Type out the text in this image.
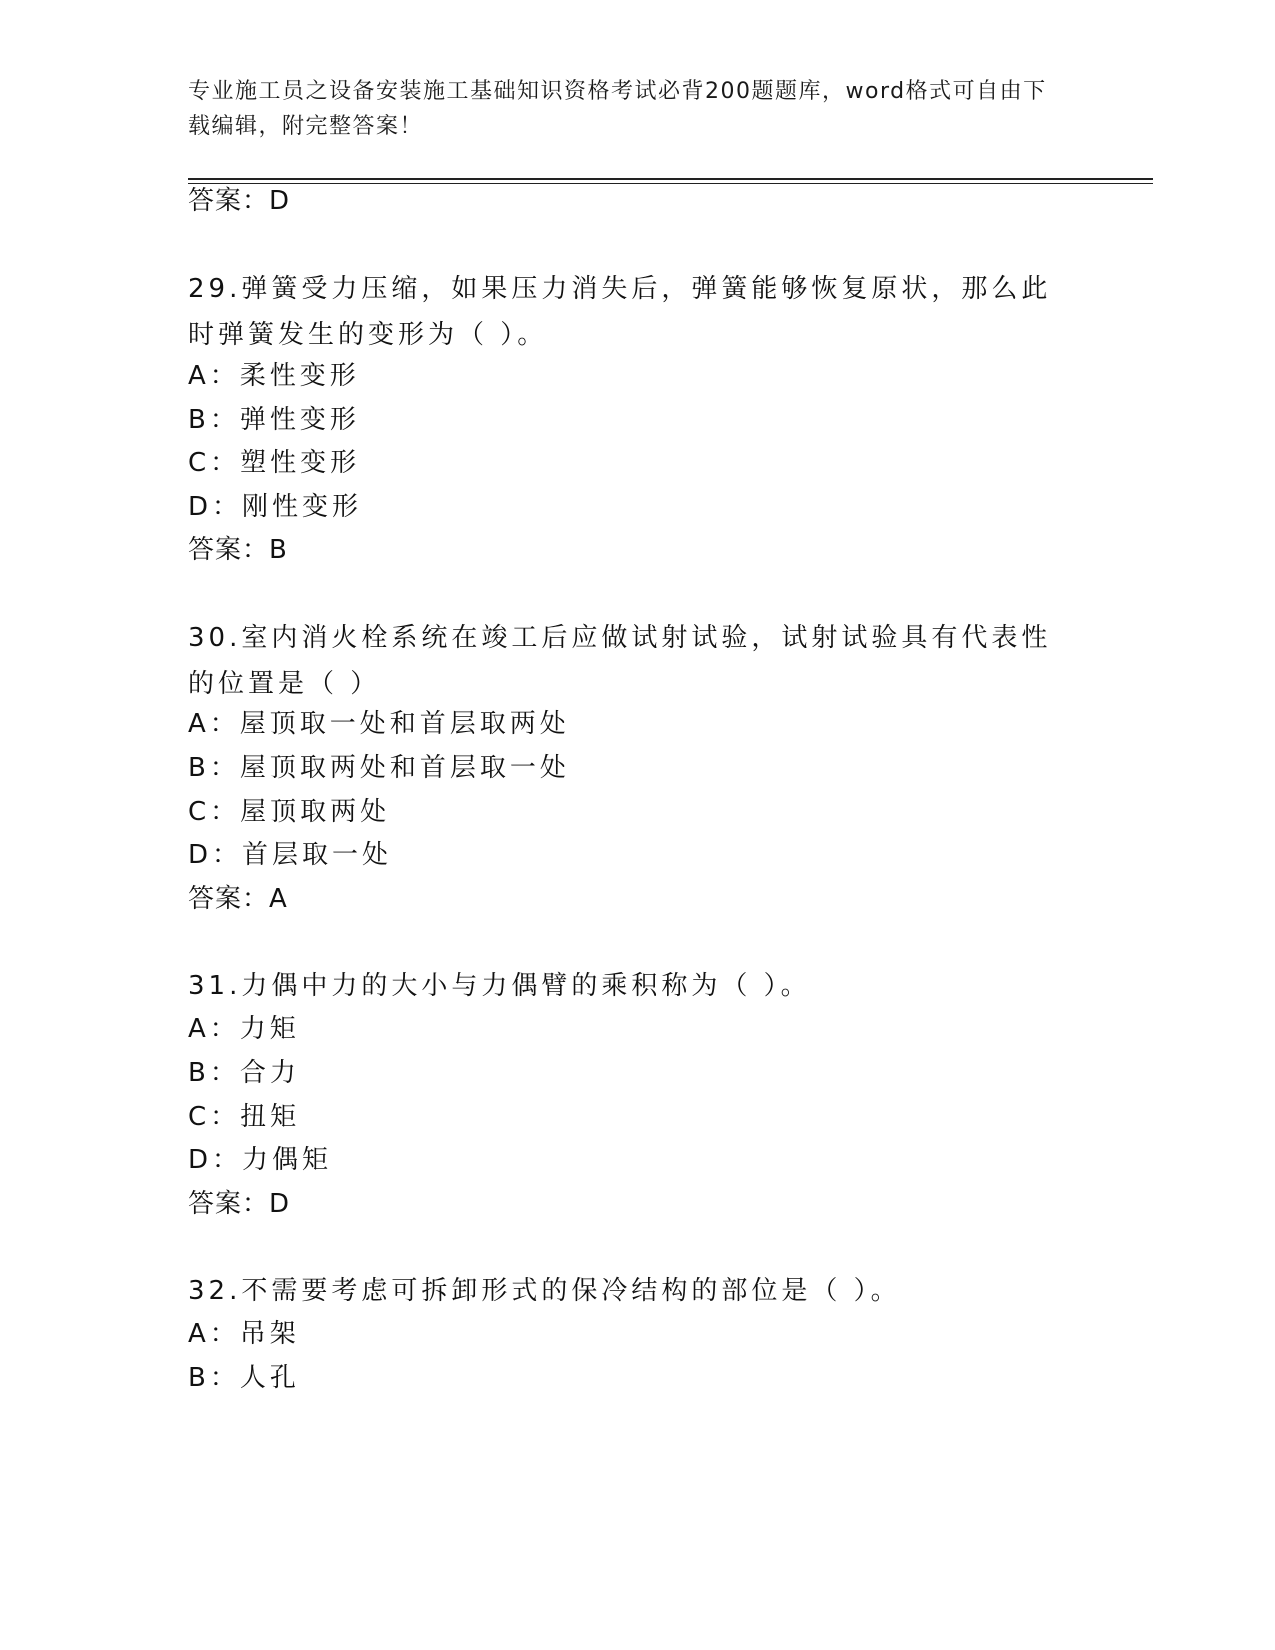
专业施工员之设备安装施工基础知识资格考试必背200题题库，word格式可自由下载编辑，附完整答案！
答案：D
29.弹簧受力压缩，如果压力消失后，弹簧能够恢复原状，那么此时弹簧发生的变形为（ ）。
A：柔性变形
B：弹性变形
C：塑性变形
D：刚性变形
答案：B
30.室内消火栓系统在竣工后应做试射试验，试射试验具有代表性的位置是（ ）
A：屋顶取一处和首层取两处
B：屋顶取两处和首层取一处
C：屋顶取两处
D：首层取一处
答案：A
31.力偶中力的大小与力偶臂的乘积称为（ ）。
A：力矩
B：合力
C：扭矩
D：力偶矩
答案：D
32.不需要考虑可拆卸形式的保冷结构的部位是（ ）。
A：吊架
B：人孔
